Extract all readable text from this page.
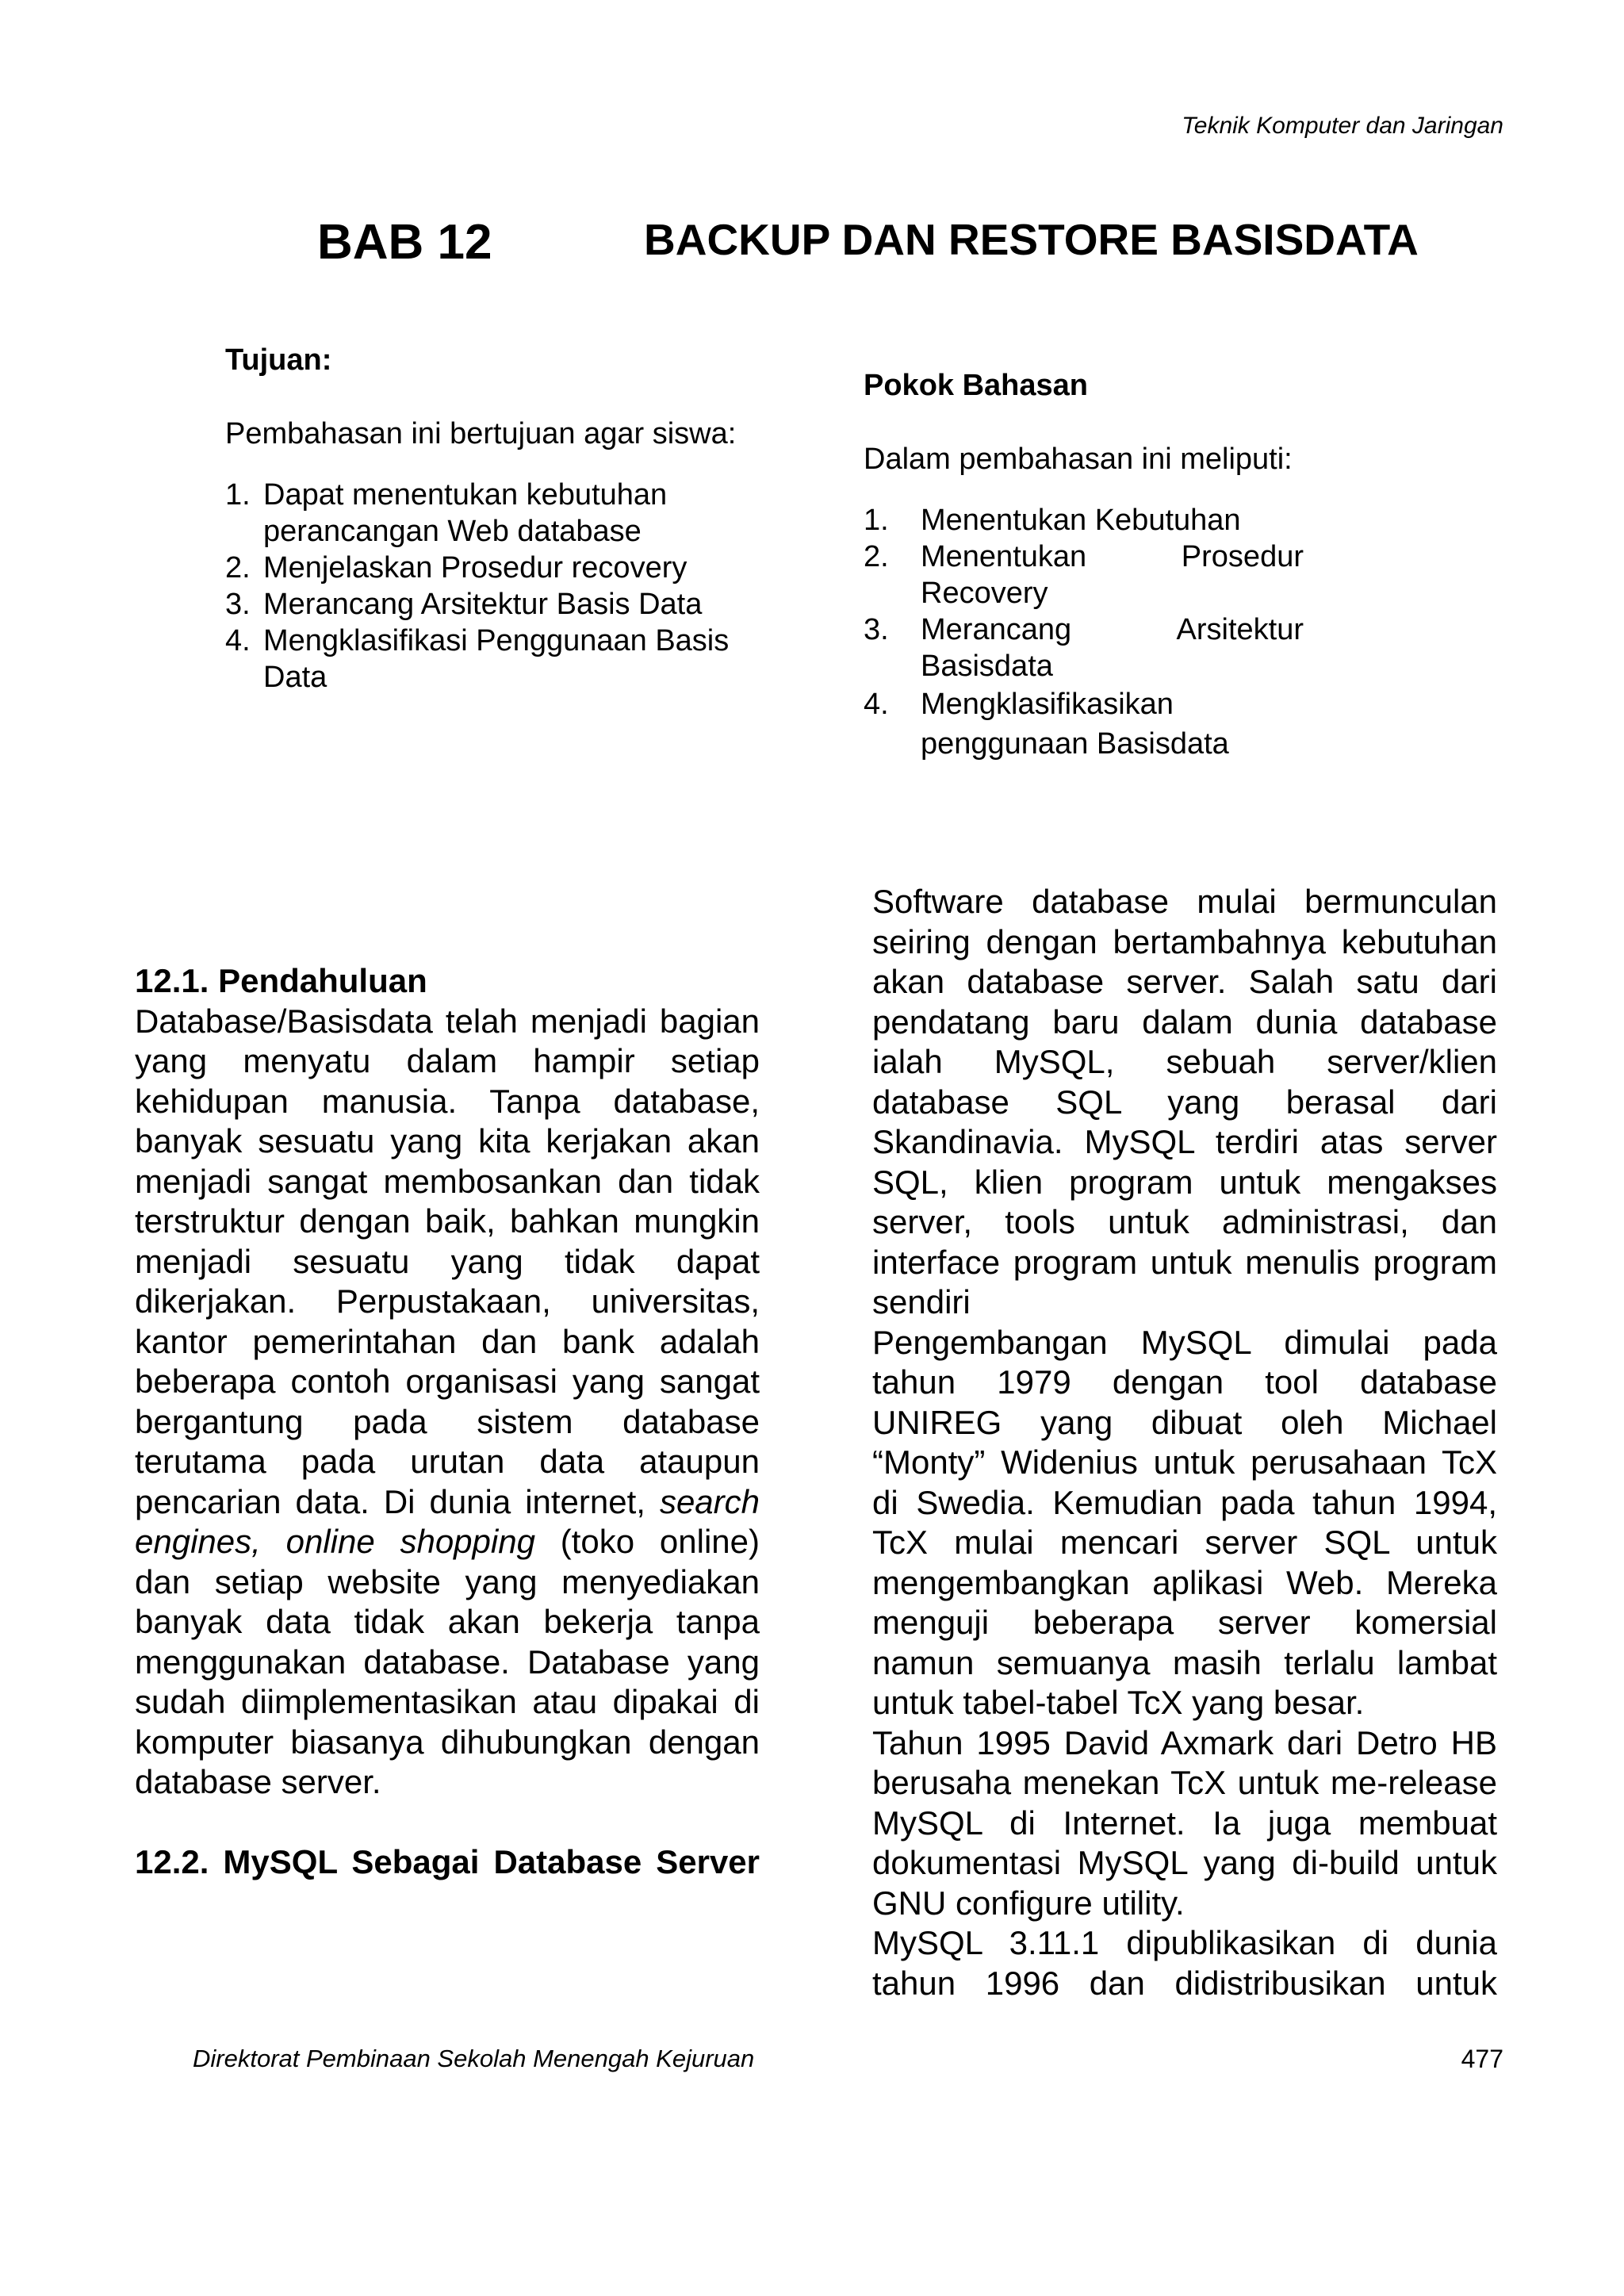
Teknik Komputer dan Jaringan
BAB 12	BACKUP DAN RESTORE BASISDATA
Tujuan:
Pembahasan ini bertujuan agar siswa:
1. Dapat menentukan kebutuhan perancangan Web database
2. Menjelaskan Prosedur recovery
3. Merancang Arsitektur Basis Data
4. Mengklasifikasi Penggunaan Basis Data
Pokok Bahasan
Dalam pembahasan ini meliputi:
1. Menentukan Kebutuhan
2. Menentukan Prosedur Recovery
3. Merancang Arsitektur Basisdata
4. Mengklasifikasikan penggunaan Basisdata
12.1. Pendahuluan

Database/Basisdata telah menjadi bagian yang menyatu dalam hampir setiap kehidupan manusia. Tanpa database, banyak sesuatu yang kita kerjakan akan menjadi sangat membosankan dan tidak terstruktur dengan baik, bahkan mungkin menjadi sesuatu yang tidak dapat dikerjakan. Perpustakaan, universitas, kantor pemerintahan dan bank adalah beberapa contoh organisasi yang sangat bergantung pada sistem database terutama pada urutan data ataupun pencarian data. Di dunia internet, search engines, online shopping (toko online) dan setiap website yang menyediakan banyak data tidak akan bekerja tanpa menggunakan database. Database yang sudah diimplementasikan atau dipakai di komputer biasanya dihubungkan dengan database server.

12.2. MySQL Sebagai Database Server

Software database mulai bermunculan seiring dengan bertambahnya kebutuhan akan database server. Salah satu dari pendatang baru dalam dunia database ialah MySQL, sebuah server/klien database SQL yang berasal dari Skandinavia. MySQL terdiri atas server SQL, klien program untuk mengakses server, tools untuk administrasi, dan interface program untuk menulis program sendiri

Pengembangan MySQL dimulai pada tahun 1979 dengan tool database UNIREG yang dibuat oleh Michael “Monty” Widenius untuk perusahaan TcX di Swedia. Kemudian pada tahun 1994, TcX mulai mencari server SQL untuk mengembangkan aplikasi Web. Mereka menguji beberapa server komersial namun semuanya masih terlalu lambat untuk tabel-tabel TcX yang besar.

Tahun 1995 David Axmark dari Detro HB berusaha menekan TcX untuk me-release MySQL di Internet. Ia juga membuat dokumentasi MySQL yang di-build untuk GNU configure utility.

MySQL 3.11.1 dipublikasikan di dunia tahun 1996 dan didistribusikan untuk

Direktorat Pembinaan Sekolah Menengah Kejuruan	477
